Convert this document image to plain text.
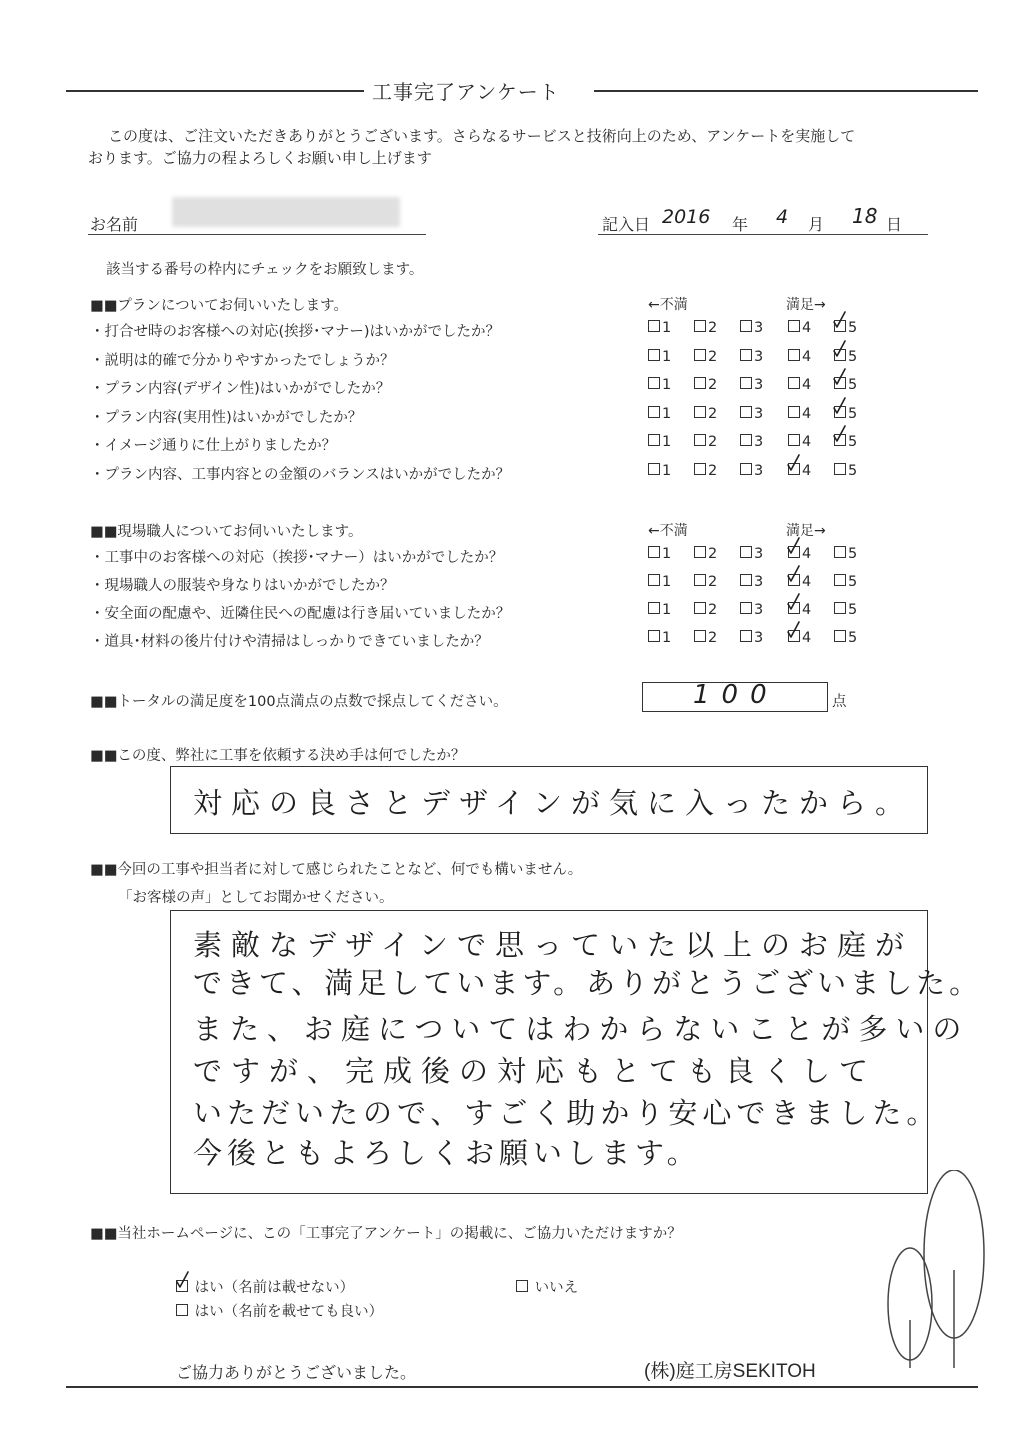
工事完了アンケート
この度は、ご注文いただきありがとうございます。さらなるサービスと技術向上のため、アンケートを実施して
おります。ご協力の程よろしくお願い申し上げます
お名前	記入日 2016 年 4 月 18 日
該当する番号の枠内にチェックをお願致します。
■■プランについてお伺いいたします。	←不満	満足→
・打合せ時のお客様への対応(挨拶･マナー)はいかがでしたか？	1	2	3	4	5
・説明は的確で分かりやすかったでしょうか？	1	2	3	4	5
・プラン内容(デザイン性)はいかがでしたか？	1	2	3	4	5
・プラン内容(実用性)はいかがでしたか？	1	2	3	4	5
・イメージ通りに仕上がりましたか？	1	2	3	4	5
・プラン内容、工事内容との金額のバランスはいかがでしたか？	1	2	3	4	5
■■現場職人についてお伺いいたします。	←不満	満足→
・工事中のお客様への対応（挨拶･マナー）はいかがでしたか？	1	2	3	4	5
・現場職人の服装や身なりはいかがでしたか？	1	2	3	4	5
・安全面の配慮や、近隣住民への配慮は行き届いていましたか？	1	2	3	4	5
・道具･材料の後片付けや清掃はしっかりできていましたか？	1	2	3	4	5
■■トータルの満足度を100点満点の点数で採点してください。	100	点
■■この度、弊社に工事を依頼する決め手は何でしたか？
対応の良さとデザインが気に入ったから。
■■今回の工事や担当者に対して感じられたことなど、何でも構いません。
「お客様の声」としてお聞かせください。
素敵なデザインで思っていた以上のお庭が
できて、満足しています。ありがとうございました。
また、お庭についてはわからないことが多いの
ですが、完成後の対応もとても良くして
いただいたので、すごく助かり安心できました。
今後ともよろしくお願いします。
■■当社ホームページに、この「工事完了アンケート」の掲載に、ご協力いただけますか？
はい（名前は載せない）	いいえ
はい（名前を載せても良い）
ご協力ありがとうございました。	(株)庭工房SEKITOH
